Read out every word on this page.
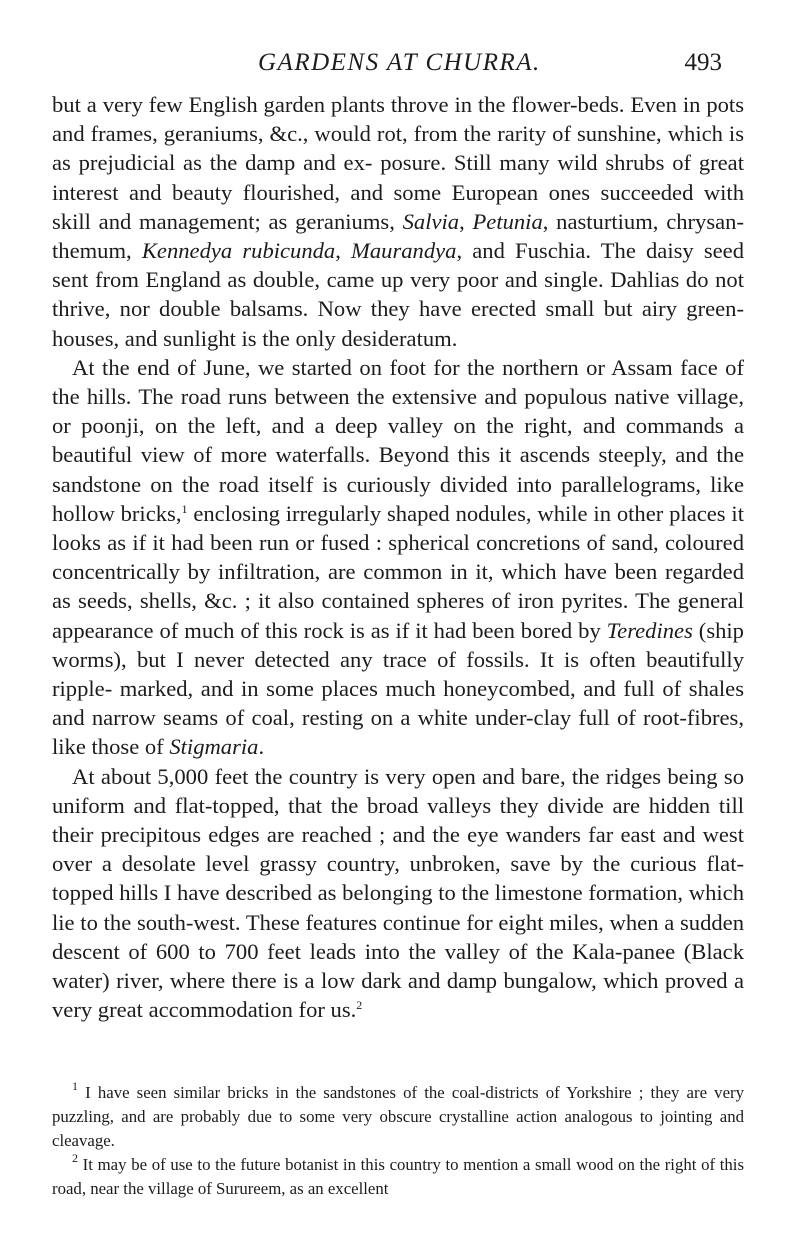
GARDENS AT CHURRA.	493

but a very few English garden plants throve in the flower-beds. Even in pots and frames, geraniums, &c., would rot, from the rarity of sunshine, which is as prejudicial as the damp and ex- posure. Still many wild shrubs of great interest and beauty flourished, and some European ones succeeded with skill and management; as geraniums, Salvia, Petunia, nasturtium, chrysan- themum, Kennedya rubicunda, Maurandya, and Fuschia. The daisy seed sent from England as double, came up very poor and single. Dahlias do not thrive, nor double balsams. Now they have erected small but airy green-houses, and sunlight is the only desideratum.

At the end of June, we started on foot for the northern or Assam face of the hills. The road runs between the extensive and populous native village, or poonji, on the left, and a deep valley on the right, and commands a beautiful view of more waterfalls. Beyond this it ascends steeply, and the sandstone on the road itself is curiously divided into parallelograms, like hollow bricks,$^1$ enclosing irregularly shaped nodules, while in other places it looks as if it had been run or fused : spherical concretions of sand, coloured concentrically by infiltration, are common in it, which have been regarded as seeds, shells, &c. ; it also contained spheres of iron pyrites. The general appearance of much of this rock is as if it had been bored by Teredines (ship worms), but I never detected any trace of fossils. It is often beautifully ripple- marked, and in some places much honeycombed, and full of shales and narrow seams of coal, resting on a white under-clay full of root-fibres, like those of Stigmaria.

At about 5,000 feet the country is very open and bare, the ridges being so uniform and flat-topped, that the broad valleys they divide are hidden till their precipitous edges are reached ; and the eye wanders far east and west over a desolate level grassy country, unbroken, save by the curious flat-topped hills I have described as belonging to the limestone formation, which lie to the south-west. These features continue for eight miles, when a sudden descent of 600 to 700 feet leads into the valley of the Kala-panee (Black water) river, where there is a low dark and damp bungalow, which proved a very great accommodation for us.$^2$

$^1$ I have seen similar bricks in the sandstones of the coal-districts of Yorkshire ; they are very puzzling, and are probably due to some very obscure crystalline action analogous to jointing and cleavage.

$^2$ It may be of use to the future botanist in this country to mention a small wood on the right of this road, near the village of Surureem, as an excellent
